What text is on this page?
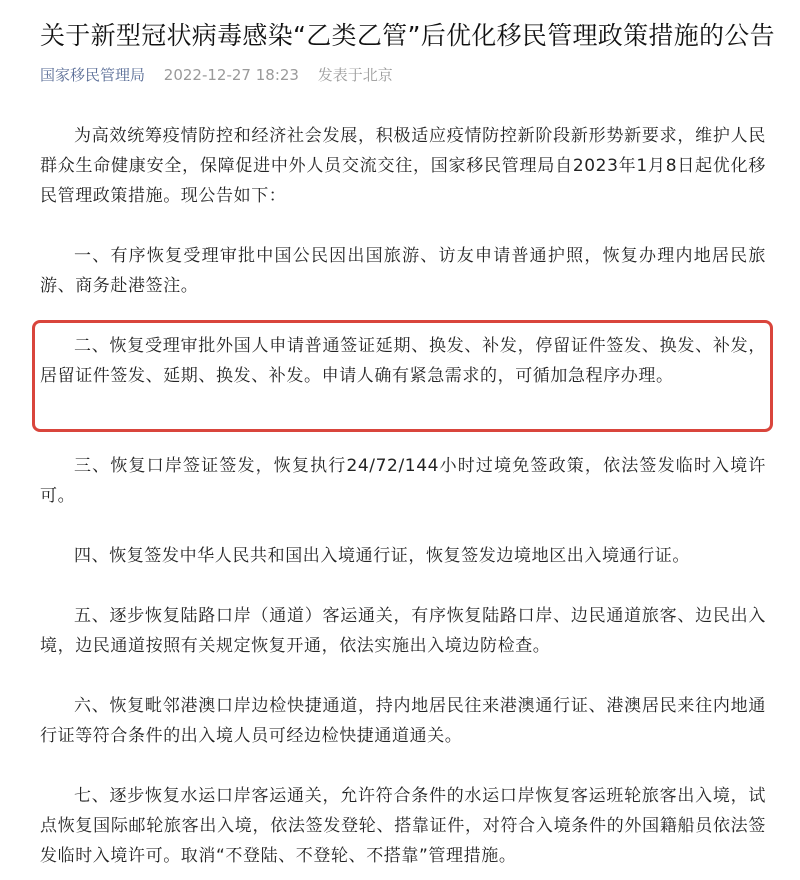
关于新型冠状病毒感染“乙类乙管”后优化移民管理政策措施的公告
国家移民管理局 2022-12-27 18:23 发表于北京

为高效统筹疫情防控和经济社会发展，积极适应疫情防控新阶段新形势新要求，维护人民群众生命健康安全，保障促进中外人员交流交往，国家移民管理局自2023年1月8日起优化移民管理政策措施。现公告如下：

一、有序恢复受理审批中国公民因出国旅游、访友申请普通护照，恢复办理内地居民旅游、商务赴港签注。

二、恢复受理审批外国人申请普通签证延期、换发、补发，停留证件签发、换发、补发，居留证件签发、延期、换发、补发。申请人确有紧急需求的，可循加急程序办理。

三、恢复口岸签证签发，恢复执行24/72/144小时过境免签政策，依法签发临时入境许可。

四、恢复签发中华人民共和国出入境通行证，恢复签发边境地区出入境通行证。

五、逐步恢复陆路口岸（通道）客运通关，有序恢复陆路口岸、边民通道旅客、边民出入境，边民通道按照有关规定恢复开通，依法实施出入境边防检查。

六、恢复毗邻港澳口岸边检快捷通道，持内地居民往来港澳通行证、港澳居民来往内地通行证等符合条件的出入境人员可经边检快捷通道通关。

七、逐步恢复水运口岸客运通关，允许符合条件的水运口岸恢复客运班轮旅客出入境，试点恢复国际邮轮旅客出入境，依法签发登轮、搭靠证件，对符合入境条件的外国籍船员依法签发临时入境许可。取消“不登陆、不登轮、不搭靠”管理措施。
